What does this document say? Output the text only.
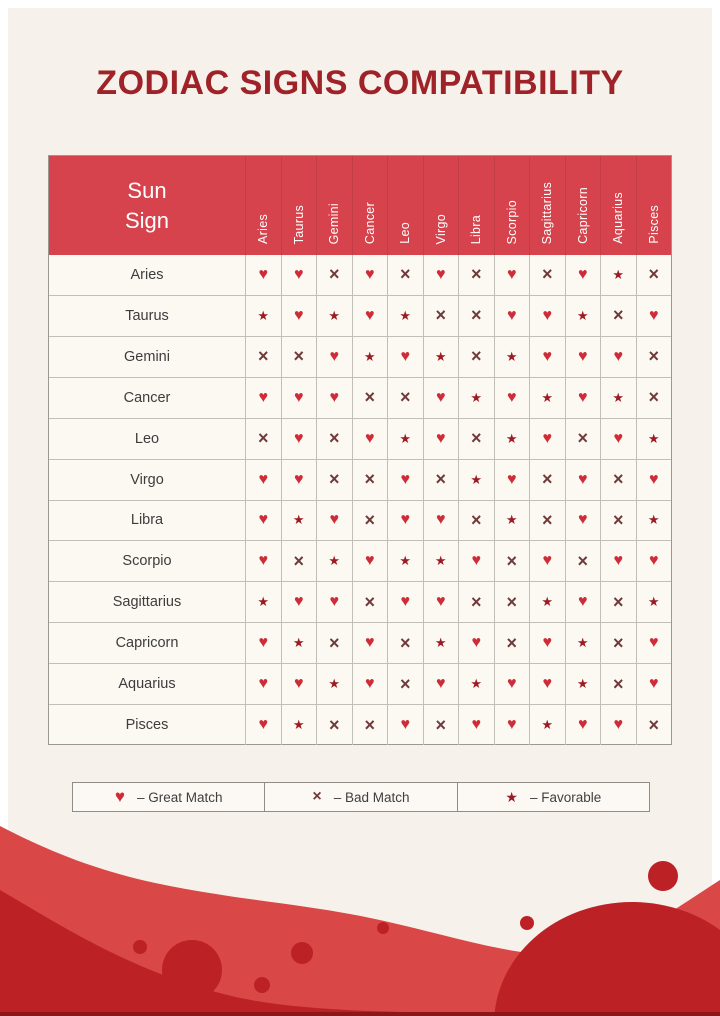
ZODIAC SIGNS COMPATIBILITY
Sun
Sign	Aries Taurus Gemini Cancer Leo Virgo Libra Scorpio Sagittarius Capricorn Aquarius Pisces
Aries	♥ ♥ × ♥ × ♥ × ♥ × ♥ ★ ×
Taurus	★ ♥ ★ ♥ ★ × × ♥ ♥ ★ × ♥
Gemini	× × ♥ ★ ♥ ★ × ★ ♥ ♥ ♥ ×
Cancer	♥ ♥ ♥ × × ♥ ★ ♥ ★ ♥ ★ ×
Leo	× ♥ × ♥ ★ ♥ × ★ ♥ × ♥ ★
Virgo	♥ ♥ × × ♥ × ★ ♥ × ♥ × ♥
Libra	♥ ★ ♥ × ♥ ♥ × ★ × ♥ × ★
Scorpio	♥ × ★ ♥ ★ ★ ♥ × ♥ × ♥ ♥
Sagittarius	★ ♥ ♥ × ♥ ♥ × × ★ ♥ × ★
Capricorn	♥ ★ × ♥ × ★ ♥ × ♥ ★ × ♥
Aquarius	♥ ♥ ★ ♥ × ♥ ★ ♥ ♥ ★ × ♥
Pisces	♥ ★ × × ♥ × ♥ ♥ ★ ♥ ♥ ×
♥ – Great Match	× – Bad Match	★ – Favorable
